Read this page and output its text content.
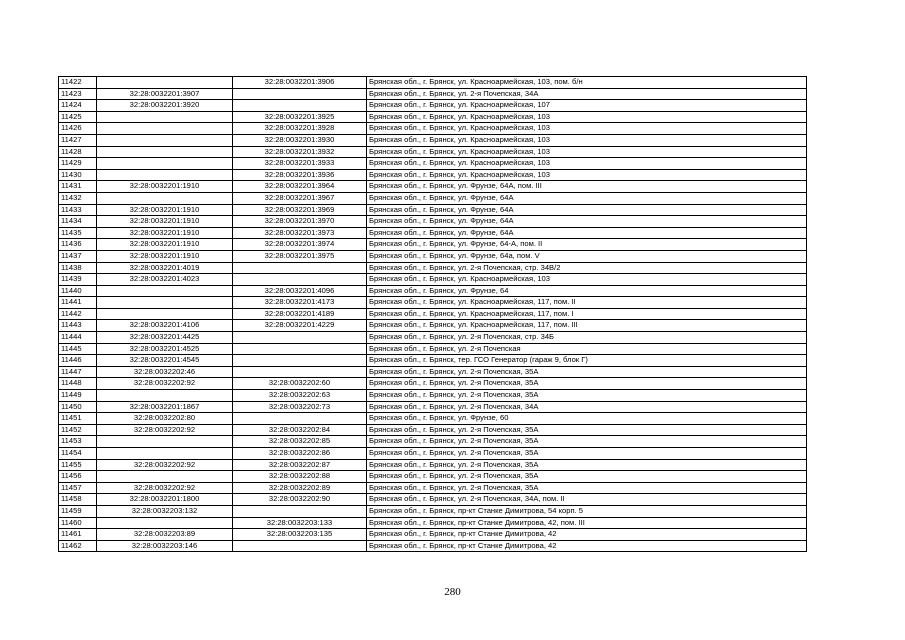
11422		32:28:0032201:3906	Брянская обл., г. Брянск, ул. Красноармейская, 103, пом. б/н
11423	32:28:0032201:3907		Брянская обл., г. Брянск, ул. 2-я Почепская, 34А
11424	32:28:0032201:3920		Брянская обл., г. Брянск, ул. Красноармейская, 107
11425		32:28:0032201:3925	Брянская обл., г. Брянск, ул. Красноармейская, 103
11426		32:28:0032201:3928	Брянская обл., г. Брянск, ул. Красноармейская, 103
11427		32:28:0032201:3930	Брянская обл., г. Брянск, ул. Красноармейская, 103
11428		32:28:0032201:3932	Брянская обл., г. Брянск, ул. Красноармейская, 103
11429		32:28:0032201:3933	Брянская обл., г. Брянск, ул. Красноармейская, 103
11430		32:28:0032201:3936	Брянская обл., г. Брянск, ул. Красноармейская, 103
11431	32:28:0032201:1910	32:28:0032201:3964	Брянская обл., г. Брянск, ул. Фрунзе, 64А, пом. III
11432		32:28:0032201:3967	Брянская обл., г. Брянск, ул. Фрунзе, 64А
11433	32:28:0032201:1910	32:28:0032201:3969	Брянская обл., г. Брянск, ул. Фрунзе, 64А
11434	32:28:0032201:1910	32:28:0032201:3970	Брянская обл., г. Брянск, ул. Фрунзе, 64А
11435	32:28:0032201:1910	32:28:0032201:3973	Брянская обл., г. Брянск, ул. Фрунзе, 64А
11436	32:28:0032201:1910	32:28:0032201:3974	Брянская обл., г. Брянск, ул. Фрунзе, 64-А, пом. II
11437	32:28:0032201:1910	32:28:0032201:3975	Брянская обл., г. Брянск, ул. Фрунзе, 64а, пом. V
11438	32:28:0032201:4019		Брянская обл., г. Брянск, ул. 2-я Почепская, стр. 34В/2
11439	32:28:0032201:4023		Брянская обл., г. Брянск, ул. Красноармейская, 103
11440		32:28:0032201:4096	Брянская обл., г. Брянск, ул. Фрунзе, 64
11441		32:28:0032201:4173	Брянская обл., г. Брянск, ул. Красноармейская, 117, пом. II
11442		32:28:0032201:4189	Брянская обл., г. Брянск, ул. Красноармейская, 117, пом. I
11443	32:28:0032201:4106	32:28:0032201:4229	Брянская обл., г. Брянск, ул. Красноармейская, 117, пом. III
11444	32:28:0032201:4425		Брянская обл., г. Брянск, ул. 2-я Почепская, стр. 34Б
11445	32:28:0032201:4525		Брянская обл., г. Брянск, ул. 2-я Почепская
11446	32:28:0032201:4545		Брянская обл., г. Брянск, тер. ГСО Генератор (гараж 9, блок Г)
11447	32:28:0032202:46		Брянская обл., г. Брянск, ул. 2-я Почепская, 35А
11448	32:28:0032202:92	32:28:0032202:60	Брянская обл., г. Брянск, ул. 2-я Почепская, 35А
11449		32:28:0032202:63	Брянская обл., г. Брянск, ул. 2-я Почепская, 35А
11450	32:28:0032201:1867	32:28:0032202:73	Брянская обл., г. Брянск, ул. 2-я Почепская, 34А
11451	32:28:0032202:80		Брянская обл., г. Брянск, ул. Фрунзе, 60
11452	32:28:0032202:92	32:28:0032202:84	Брянская обл., г. Брянск, ул. 2-я Почепская, 35А
11453		32:28:0032202:85	Брянская обл., г. Брянск, ул. 2-я Почепская, 35А
11454		32:28:0032202:86	Брянская обл., г. Брянск, ул. 2-я Почепская, 35А
11455	32:28:0032202:92	32:28:0032202:87	Брянская обл., г. Брянск, ул. 2-я Почепская, 35А
11456		32:28:0032202:88	Брянская обл., г. Брянск, ул. 2-я Почепская, 35А
11457	32:28:0032202:92	32:28:0032202:89	Брянская обл., г. Брянск, ул. 2-я Почепская, 35А
11458	32:28:0032201:1800	32:28:0032202:90	Брянская обл., г. Брянск, ул. 2-я Почепская, 34А, пом. II
11459	32:28:0032203:132		Брянская обл., г. Брянск, пр-кт Станке Димитрова, 54 корп. 5
11460		32:28:0032203:133	Брянская обл., г. Брянск, пр-кт Станке Димитрова, 42, пом. III
11461	32:28:0032203:89	32:28:0032203:135	Брянская обл., г. Брянск, пр-кт Станке Димитрова, 42
11462	32:28:0032203:146		Брянская обл., г. Брянск, пр-кт Станке Димитрова, 42
280
